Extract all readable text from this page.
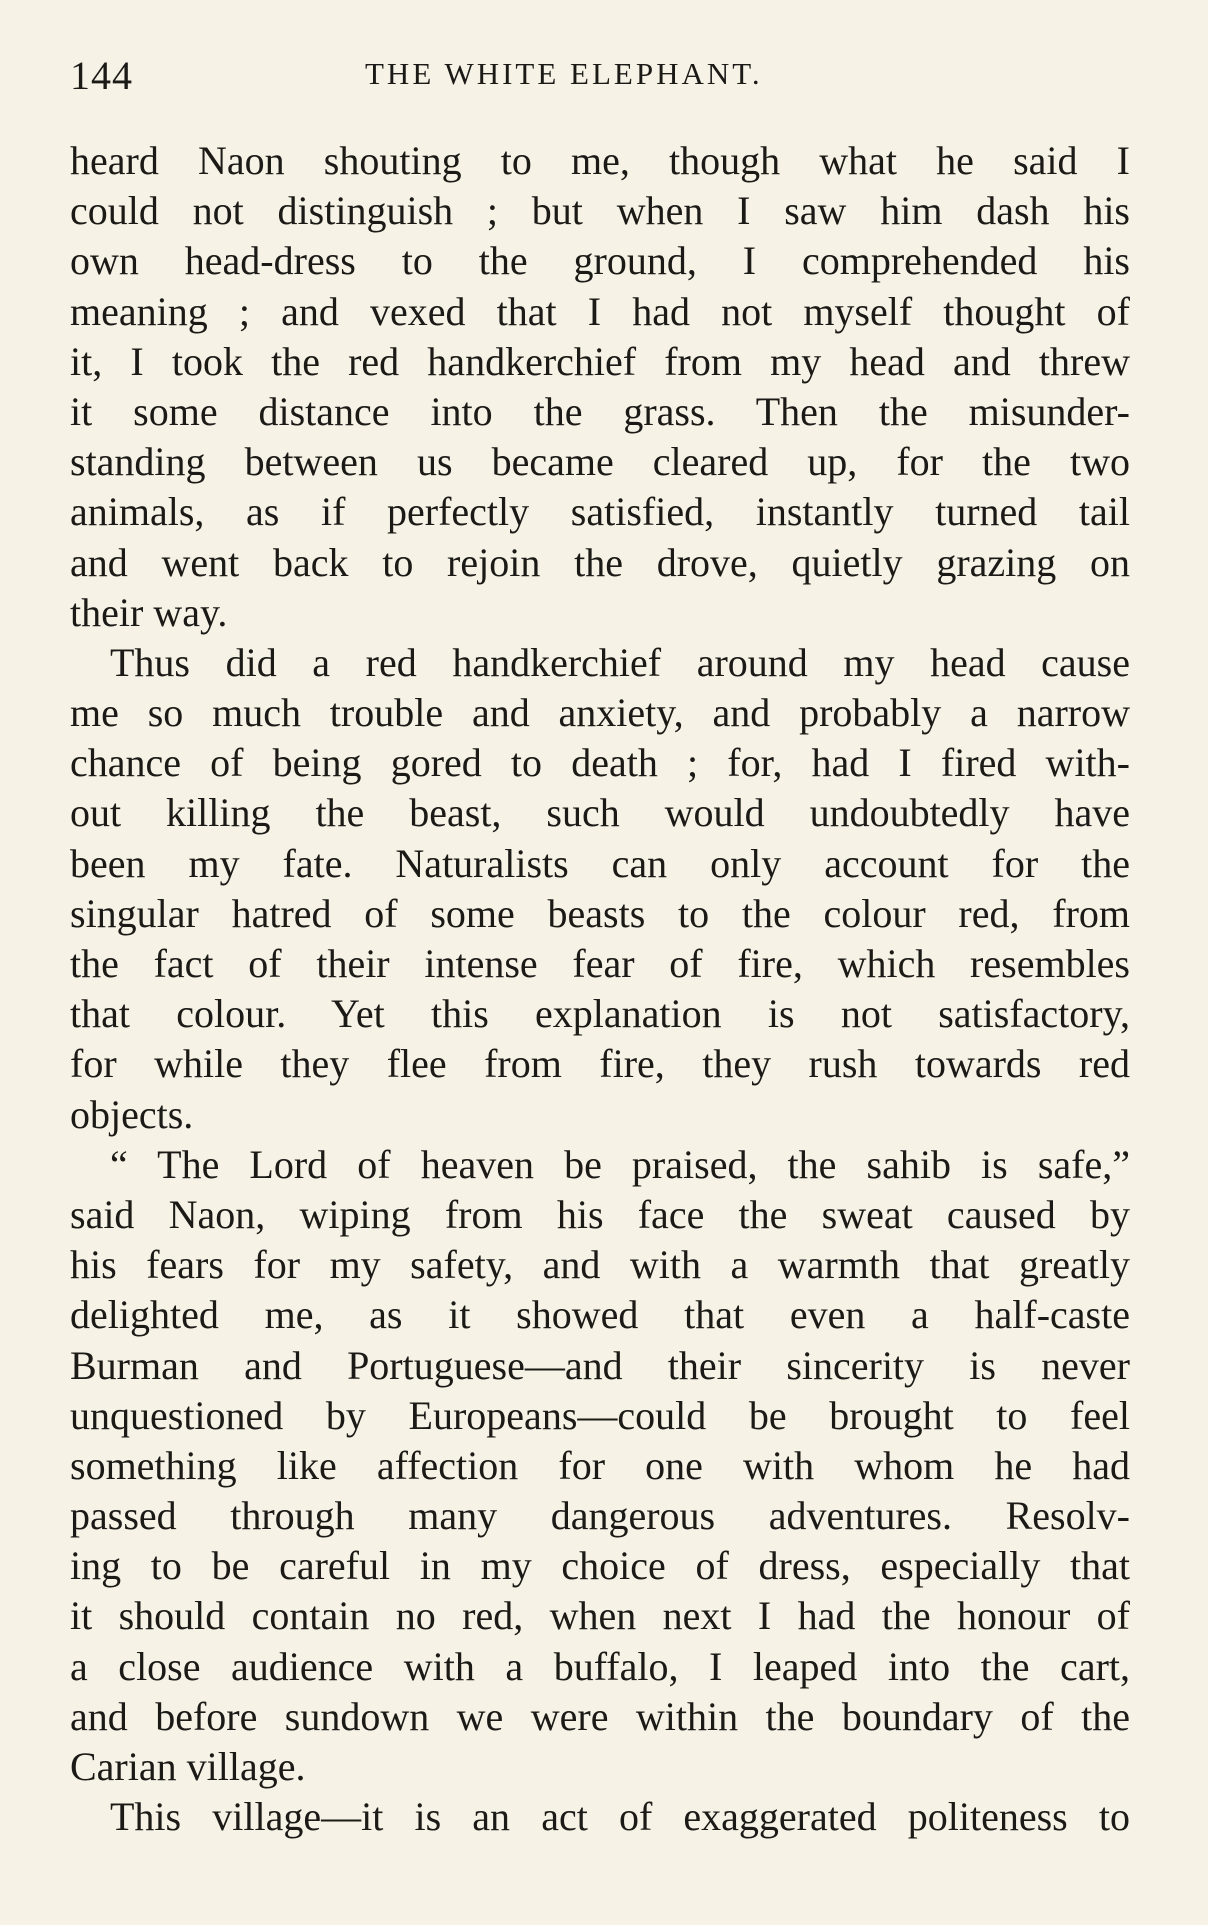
144	THE WHITE ELEPHANT.
heard Naon shouting to me, though what he said I
could not distinguish ; but when I saw him dash his
own head-dress to the ground, I comprehended his
meaning ; and vexed that I had not myself thought of
it, I took the red handkerchief from my head and threw
it some distance into the grass. Then the misunder-
standing between us became cleared up, for the two
animals, as if perfectly satisfied, instantly turned tail
and went back to rejoin the drove, quietly grazing on
their way.
Thus did a red handkerchief around my head cause
me so much trouble and anxiety, and probably a narrow
chance of being gored to death ; for, had I fired with-
out killing the beast, such would undoubtedly have
been my fate. Naturalists can only account for the
singular hatred of some beasts to the colour red, from
the fact of their intense fear of fire, which resembles
that colour. Yet this explanation is not satisfactory,
for while they flee from fire, they rush towards red
objects.
“ The Lord of heaven be praised, the sahib is safe,”
said Naon, wiping from his face the sweat caused by
his fears for my safety, and with a warmth that greatly
delighted me, as it showed that even a half-caste
Burman and Portuguese—and their sincerity is never
unquestioned by Europeans—could be brought to feel
something like affection for one with whom he had
passed through many dangerous adventures. Resolv-
ing to be careful in my choice of dress, especially that
it should contain no red, when next I had the honour of
a close audience with a buffalo, I leaped into the cart,
and before sundown we were within the boundary of the
Carian village.
This village—it is an act of exaggerated politeness to
